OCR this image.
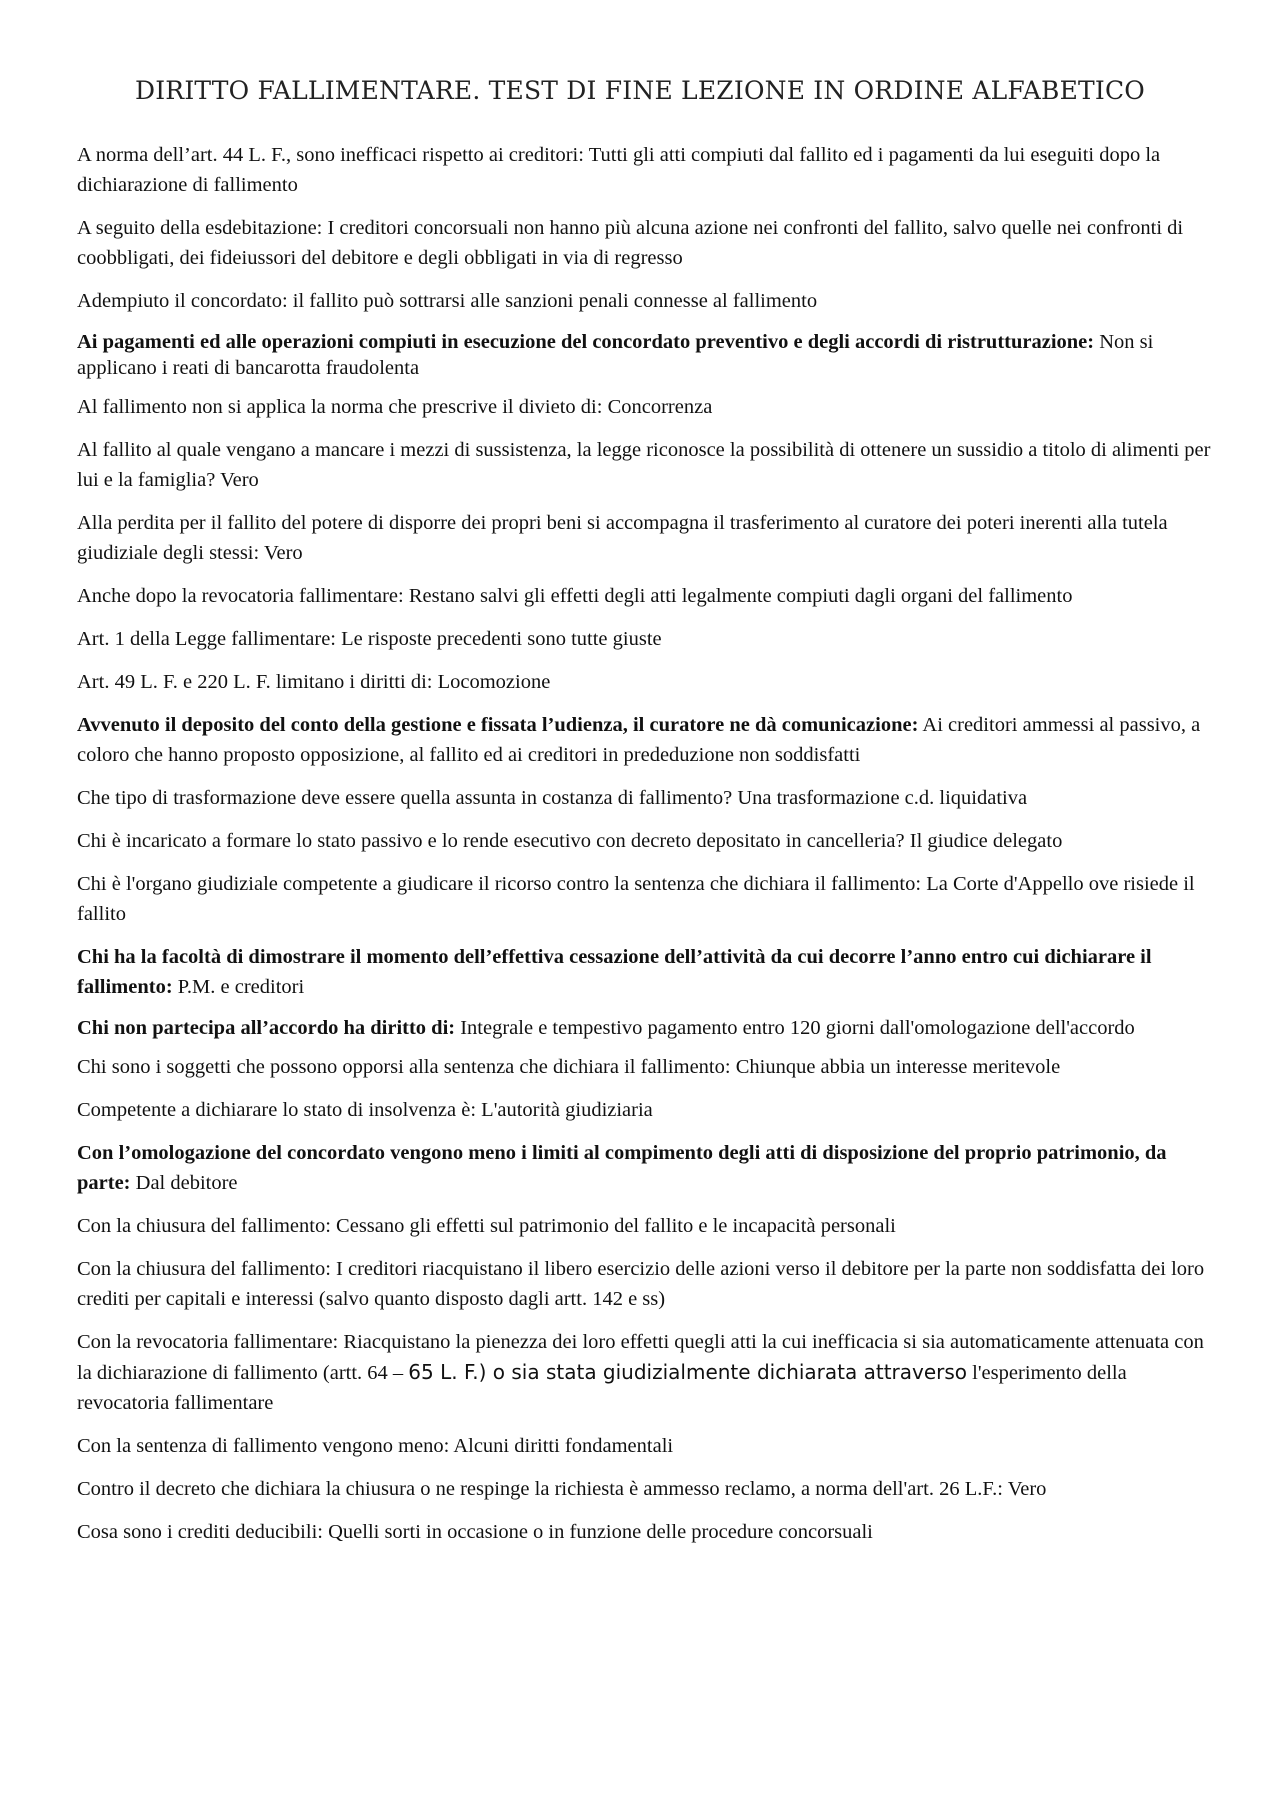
DIRITTO FALLIMENTARE. TEST DI FINE LEZIONE IN ORDINE ALFABETICO

A norma dell’art. 44 L. F., sono inefficaci rispetto ai creditori: Tutti gli atti compiuti dal fallito ed i pagamenti da lui eseguiti dopo la dichiarazione di fallimento

A seguito della esdebitazione: I creditori concorsuali non hanno più alcuna azione nei confronti del fallito, salvo quelle nei confronti di coobbligati, dei fideiussori del debitore e degli obbligati in via di regresso

Adempiuto il concordato: il fallito può sottrarsi alle sanzioni penali connesse al fallimento

Ai pagamenti ed alle operazioni compiuti in esecuzione del concordato preventivo e degli accordi di ristrutturazione: Non si applicano i reati di bancarotta fraudolenta

Al fallimento non si applica la norma che prescrive il divieto di: Concorrenza

Al fallito al quale vengano a mancare i mezzi di sussistenza, la legge riconosce la possibilità di ottenere un sussidio a titolo di alimenti per lui e la famiglia? Vero

Alla perdita per il fallito del potere di disporre dei propri beni si accompagna il trasferimento al curatore dei poteri inerenti alla tutela giudiziale degli stessi: Vero

Anche dopo la revocatoria fallimentare: Restano salvi gli effetti degli atti legalmente compiuti dagli organi del fallimento

Art. 1 della Legge fallimentare: Le risposte precedenti sono tutte giuste

Art. 49 L. F. e 220 L. F. limitano i diritti di: Locomozione

Avvenuto il deposito del conto della gestione e fissata l’udienza, il curatore ne dà comunicazione: Ai creditori ammessi al passivo, a coloro che hanno proposto opposizione, al fallito ed ai creditori in prededuzione non soddisfatti

Che tipo di trasformazione deve essere quella assunta in costanza di fallimento? Una trasformazione c.d. liquidativa

Chi è incaricato a formare lo stato passivo e lo rende esecutivo con decreto depositato in cancelleria? Il giudice delegato

Chi è l'organo giudiziale competente a giudicare il ricorso contro la sentenza che dichiara il fallimento: La Corte d'Appello ove risiede il fallito

Chi ha la facoltà di dimostrare il momento dell’effettiva cessazione dell’attività da cui decorre l’anno entro cui dichiarare il fallimento: P.M. e creditori

Chi non partecipa all’accordo ha diritto di: Integrale e tempestivo pagamento entro 120 giorni dall'omologazione dell'accordo

Chi sono i soggetti che possono opporsi alla sentenza che dichiara il fallimento: Chiunque abbia un interesse meritevole

Competente a dichiarare lo stato di insolvenza è: L'autorità giudiziaria

Con l’omologazione del concordato vengono meno i limiti al compimento degli atti di disposizione del proprio patrimonio, da parte: Dal debitore

Con la chiusura del fallimento: Cessano gli effetti sul patrimonio del fallito e le incapacità personali

Con la chiusura del fallimento: I creditori riacquistano il libero esercizio delle azioni verso il debitore per la parte non soddisfatta dei loro crediti per capitali e interessi (salvo quanto disposto dagli artt. 142 e ss)

Con la revocatoria fallimentare: Riacquistano la pienezza dei loro effetti quegli atti la cui inefficacia si sia automaticamente attenuata con la dichiarazione di fallimento (artt. 64 – 65 L. F.) o sia stata giudizialmente dichiarata attraverso l'esperimento della revocatoria fallimentare

Con la sentenza di fallimento vengono meno: Alcuni diritti fondamentali

Contro il decreto che dichiara la chiusura o ne respinge la richiesta è ammesso reclamo, a norma dell'art. 26 L.F.: Vero

Cosa sono i crediti deducibili: Quelli sorti in occasione o in funzione delle procedure concorsuali
